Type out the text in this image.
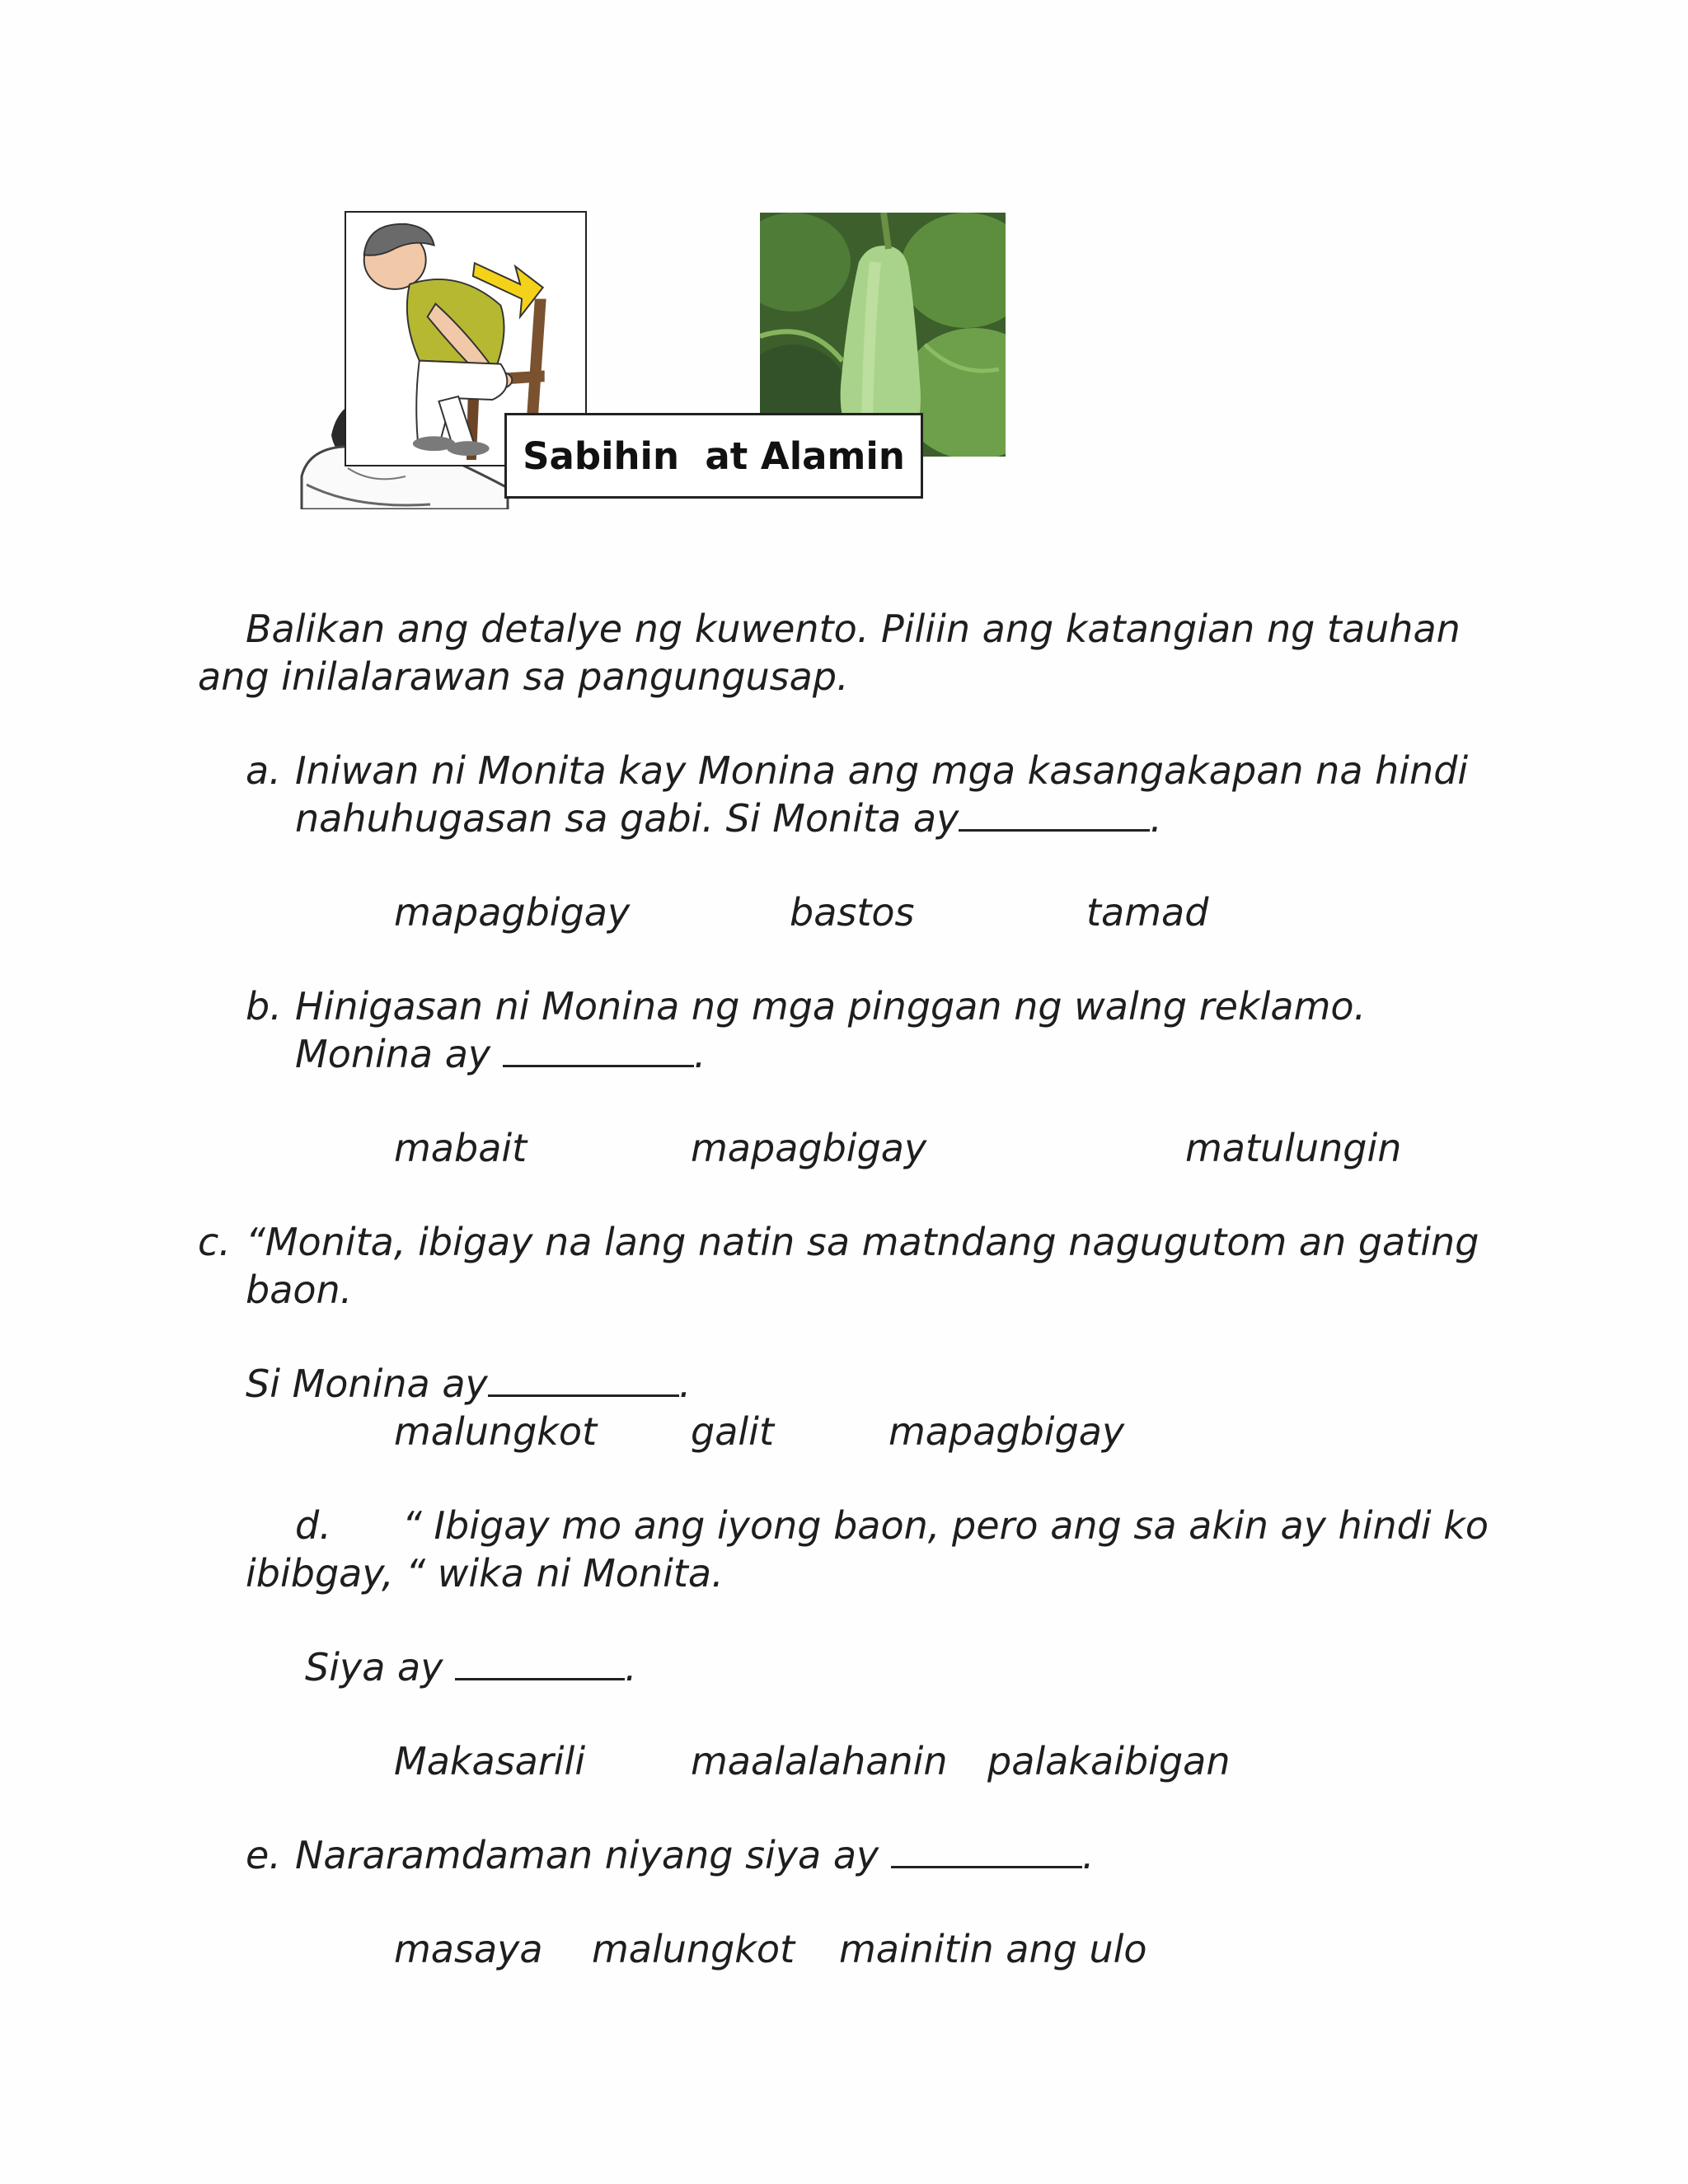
Sabihin  at Alamin
Balikan ang detalye ng kuwento. Piliin ang katangian ng tauhan
ang inilalarawan sa pangungusap.
a. Iniwan ni Monita kay Monina ang mga kasangakapan na hindi
nahuhugasan sa gabi. Si Monita ay	.
mapagbigay	bastos	tamad
b. Hinigasan ni Monina ng mga pinggan ng walng reklamo.
Monina ay	.
mabait	mapagbigay	matulungin
c. “Monita, ibigay na lang natin sa matndang nagugutom an gating
baon.
Si Monina ay	.
malungkot galit	mapagbigay
d. “ Ibigay mo ang iyong baon, pero ang sa akin ay hindi ko
ibibgay, “ wika ni Monita.
Siya ay	.
Makasarili	maalalahanin palakaibigan
e. Nararamdaman niyang siya ay	.
masaya malungkot mainitin ang ulo
